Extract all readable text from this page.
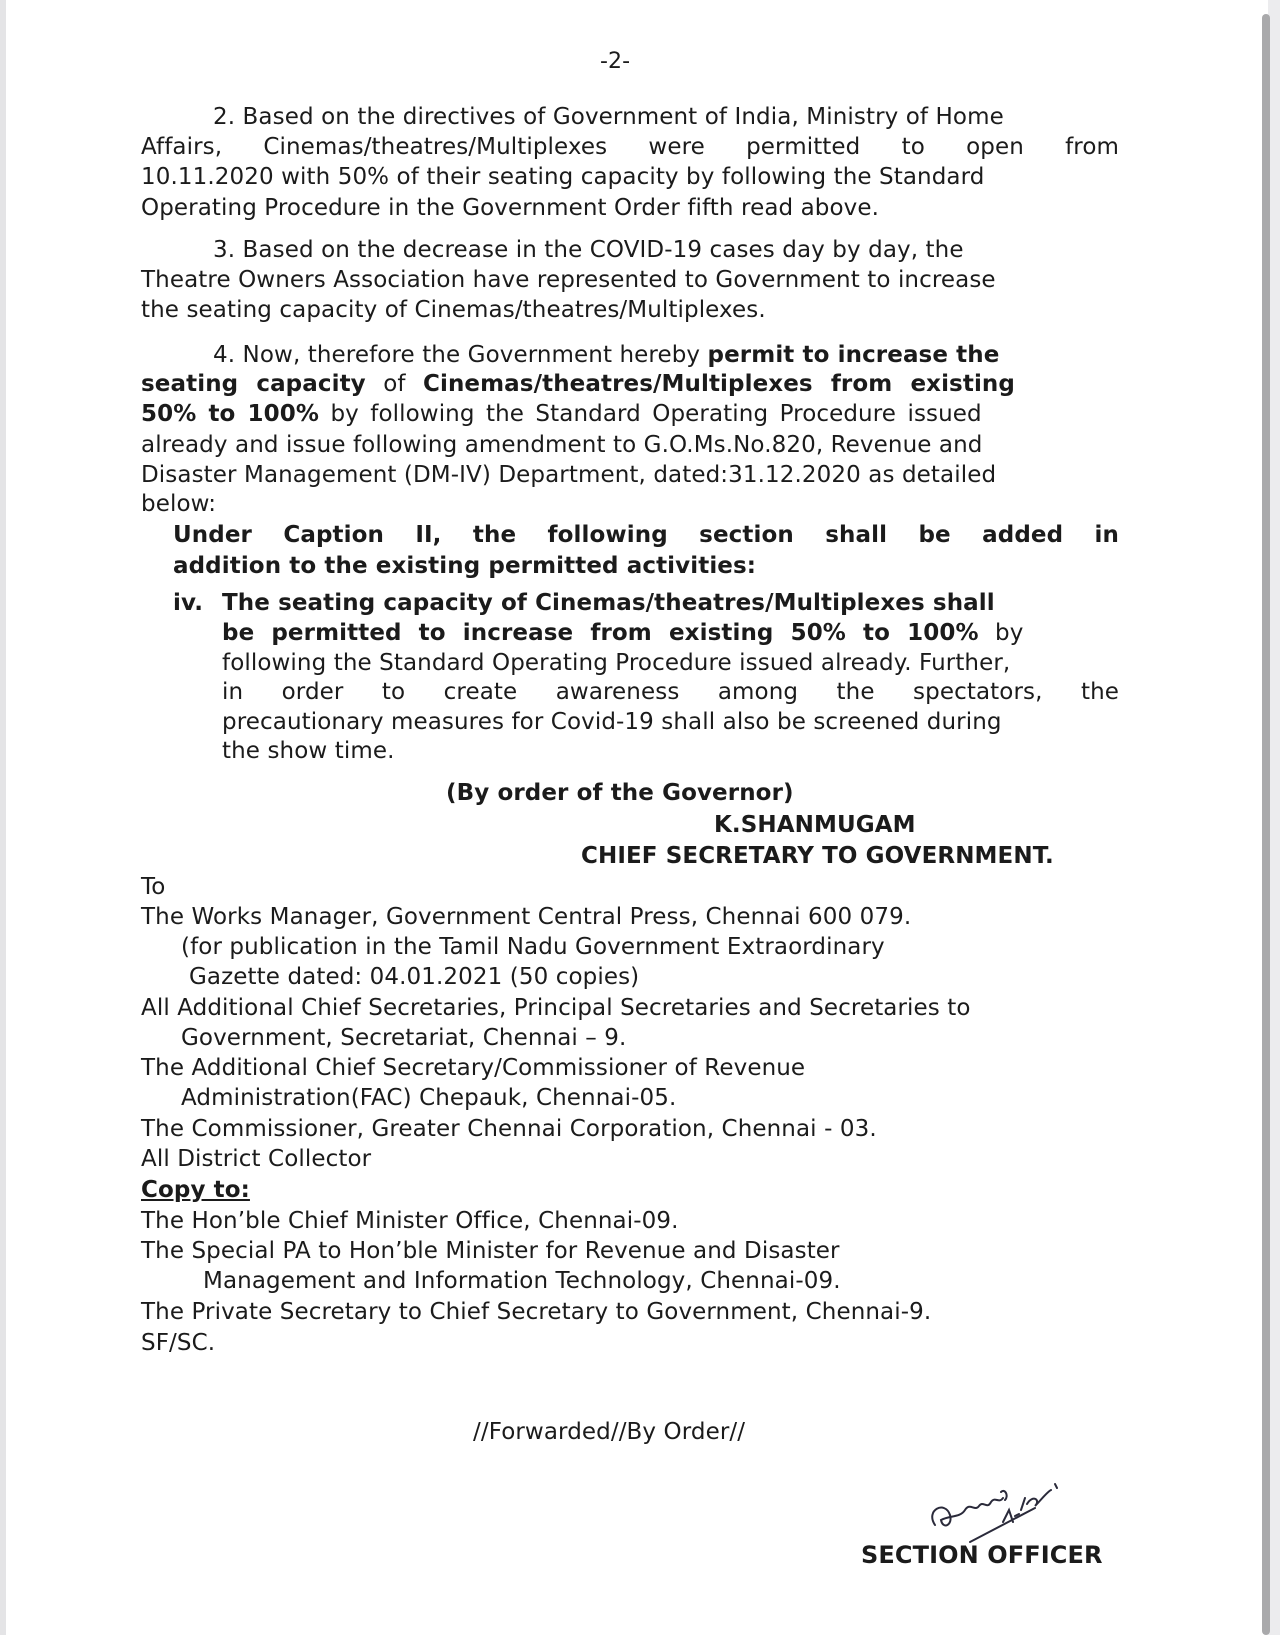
-2-
2. Based on the directives of Government of India, Ministry of Home
Affairs, Cinemas/theatres/Multiplexes were permitted to open from
10.11.2020 with 50% of their seating capacity by following the Standard
Operating Procedure in the Government Order fifth read above.
3. Based on the decrease in the COVID-19 cases day by day, the
Theatre Owners Association have represented to Government to increase
the seating capacity of Cinemas/theatres/Multiplexes.
4. Now, therefore the Government hereby permit to increase the
seating capacity of Cinemas/theatres/Multiplexes from existing
50% to 100% by following the Standard Operating Procedure issued
already and issue following amendment to G.O.Ms.No.820, Revenue and
Disaster Management (DM-IV) Department, dated:31.12.2020 as detailed
below:
Under Caption II, the following section shall be added in
addition to the existing permitted activities:
iv. The seating capacity of Cinemas/theatres/Multiplexes shall
be permitted to increase from existing 50% to 100% by
following the Standard Operating Procedure issued already. Further,
in order to create awareness among the spectators, the
precautionary measures for Covid-19 shall also be screened during
the show time.
(By order of the Governor)
K.SHANMUGAM
CHIEF SECRETARY TO GOVERNMENT.
To
The Works Manager, Government Central Press, Chennai 600 079.
(for publication in the Tamil Nadu Government Extraordinary
Gazette dated: 04.01.2021 (50 copies)
All Additional Chief Secretaries, Principal Secretaries and Secretaries to
Government, Secretariat, Chennai – 9.
The Additional Chief Secretary/Commissioner of Revenue
Administration(FAC) Chepauk, Chennai-05.
The Commissioner, Greater Chennai Corporation, Chennai - 03.
All District Collector
Copy to:
The Hon’ble Chief Minister Office, Chennai-09.
The Special PA to Hon’ble Minister for Revenue and Disaster
Management and Information Technology, Chennai-09.
The Private Secretary to Chief Secretary to Government, Chennai-9.
SF/SC.
//Forwarded//By Order//
SECTION OFFICER
